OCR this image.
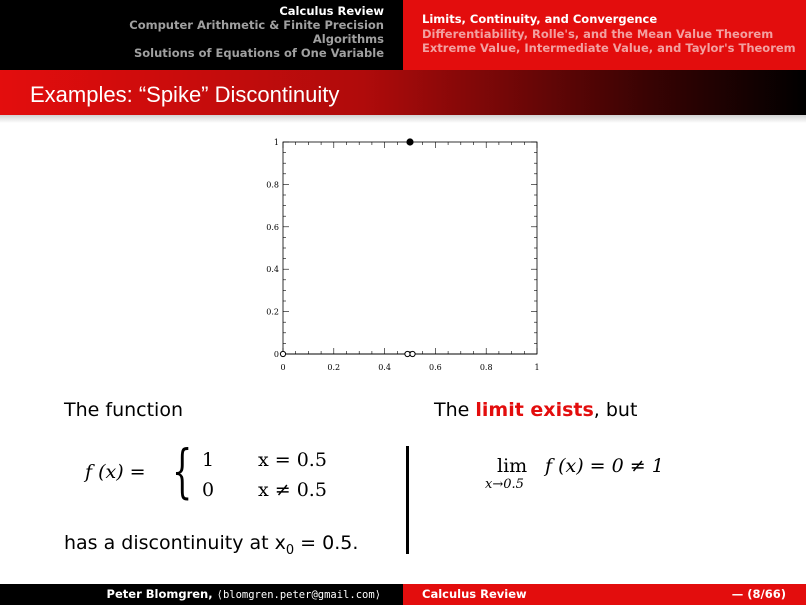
Calculus Review
Computer Arithmetic & Finite Precision
Algorithms
Solutions of Equations of One Variable
Limits, Continuity, and Convergence
Differentiability, Rolle's, and the Mean Value Theorem
Extreme Value, Intermediate Value, and Taylor's Theorem
Examples: “Spike” Discontinuity
0	0.2	0.4	0.6	0.8	1
0
0.2
0.4
0.6
0.8
1
The function
f (x) = { 1 x = 0.5
0 x ≠ 0.5
has a discontinuity at $x_0 = 0.5$.
The limit exists, but
lim
x→0.5
f (x) = 0 ≠ 1
Peter Blomgren, ⟨blomgren.peter@gmail.com⟩	Calculus Review	— (8/66)
